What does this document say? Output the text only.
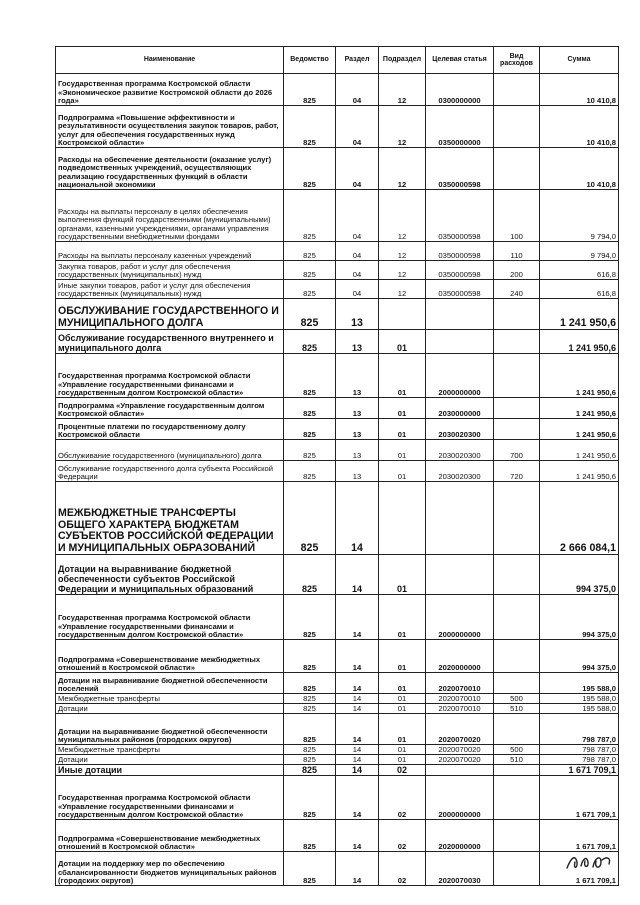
Наименование	Ведомство	Раздел	Подраздел	Целевая статья	Вид расходов	Сумма
Государственная программа Костромской области «Экономическое развитие Костромской области до 2026 года»	825	04	12	0300000000		10 410,8
Подпрограмма «Повышение эффективности и результативности осуществления закупок товаров, работ, услуг для обеспечения государственных нужд Костромской области»	825	04	12	0350000000		10 410,8
Расходы на обеспечение деятельности (оказание услуг) подведомственных учреждений, осуществляющих реализацию государственных функций в области национальной экономики	825	04	12	0350000598		10 410,8
Расходы на выплаты персоналу в целях обеспечения выполнения функций государственными (муниципальными) органами, казенными учреждениями, органами управления государственными внебюджетными фондами	825	04	12	0350000598	100	9 794,0
Расходы на выплаты персоналу казенных учреждений	825	04	12	0350000598	110	9 794,0
Закупка товаров, работ и услуг для обеспечения государственных (муниципальных) нужд	825	04	12	0350000598	200	616,8
Иные закупки товаров, работ и услуг для обеспечения государственных (муниципальных) нужд	825	04	12	0350000598	240	616,8
ОБСЛУЖИВАНИЕ ГОСУДАРСТВЕННОГО И МУНИЦИПАЛЬНОГО ДОЛГА	825	13				1 241 950,6
Обслуживание государственного внутреннего и муниципального долга	825	13	01			1 241 950,6
Государственная программа Костромской области «Управление государственными финансами и государственным долгом Костромской области»	825	13	01	2000000000		1 241 950,6
Подпрограмма «Управление государственным долгом Костромской области»	825	13	01	2030000000		1 241 950,6
Процентные платежи по государственному долгу Костромской области	825	13	01	2030020300		1 241 950,6
Обслуживание государственного (муниципального) долга	825	13	01	2030020300	700	1 241 950,6
Обслуживание государственного долга субъекта Российской Федерации	825	13	01	2030020300	720	1 241 950,6
МЕЖБЮДЖЕТНЫЕ ТРАНСФЕРТЫ ОБЩЕГО ХАРАКТЕРА БЮДЖЕТАМ СУБЪЕКТОВ РОССИЙСКОЙ ФЕДЕРАЦИИ И МУНИЦИПАЛЬНЫХ ОБРАЗОВАНИЙ	825	14				2 666 084,1
Дотации на выравнивание бюджетной обеспеченности субъектов Российской Федерации и муниципальных образований	825	14	01			994 375,0
Государственная программа Костромской области «Управление государственными финансами и государственным долгом Костромской области»	825	14	01	2000000000		994 375,0
Подпрограмма «Совершенствование межбюджетных отношений в Костромской области»	825	14	01	2020000000		994 375,0
Дотации на выравнивание бюджетной обеспеченности поселений	825	14	01	2020070010		195 588,0
Межбюджетные трансферты	825	14	01	2020070010	500	195 588,0
Дотации	825	14	01	2020070010	510	195 588,0
Дотации на выравнивание бюджетной обеспеченности муниципальных районов (городских округов)	825	14	01	2020070020		798 787,0
Межбюджетные трансферты	825	14	01	2020070020	500	798 787,0
Дотации	825	14	01	2020070020	510	798 787,0
Иные дотации	825	14	02			1 671 709,1
Государственная программа Костромской области «Управление государственными финансами и государственным долгом Костромской области»	825	14	02	2000000000		1 671 709,1
Подпрограмма «Совершенствование межбюджетных отношений в Костромской области»	825	14	02	2020000000		1 671 709,1
Дотации на поддержку мер по обеспечению сбалансированности бюджетов муниципальных районов (городских округов)	825	14	02	2020070030		1 671 709,1
